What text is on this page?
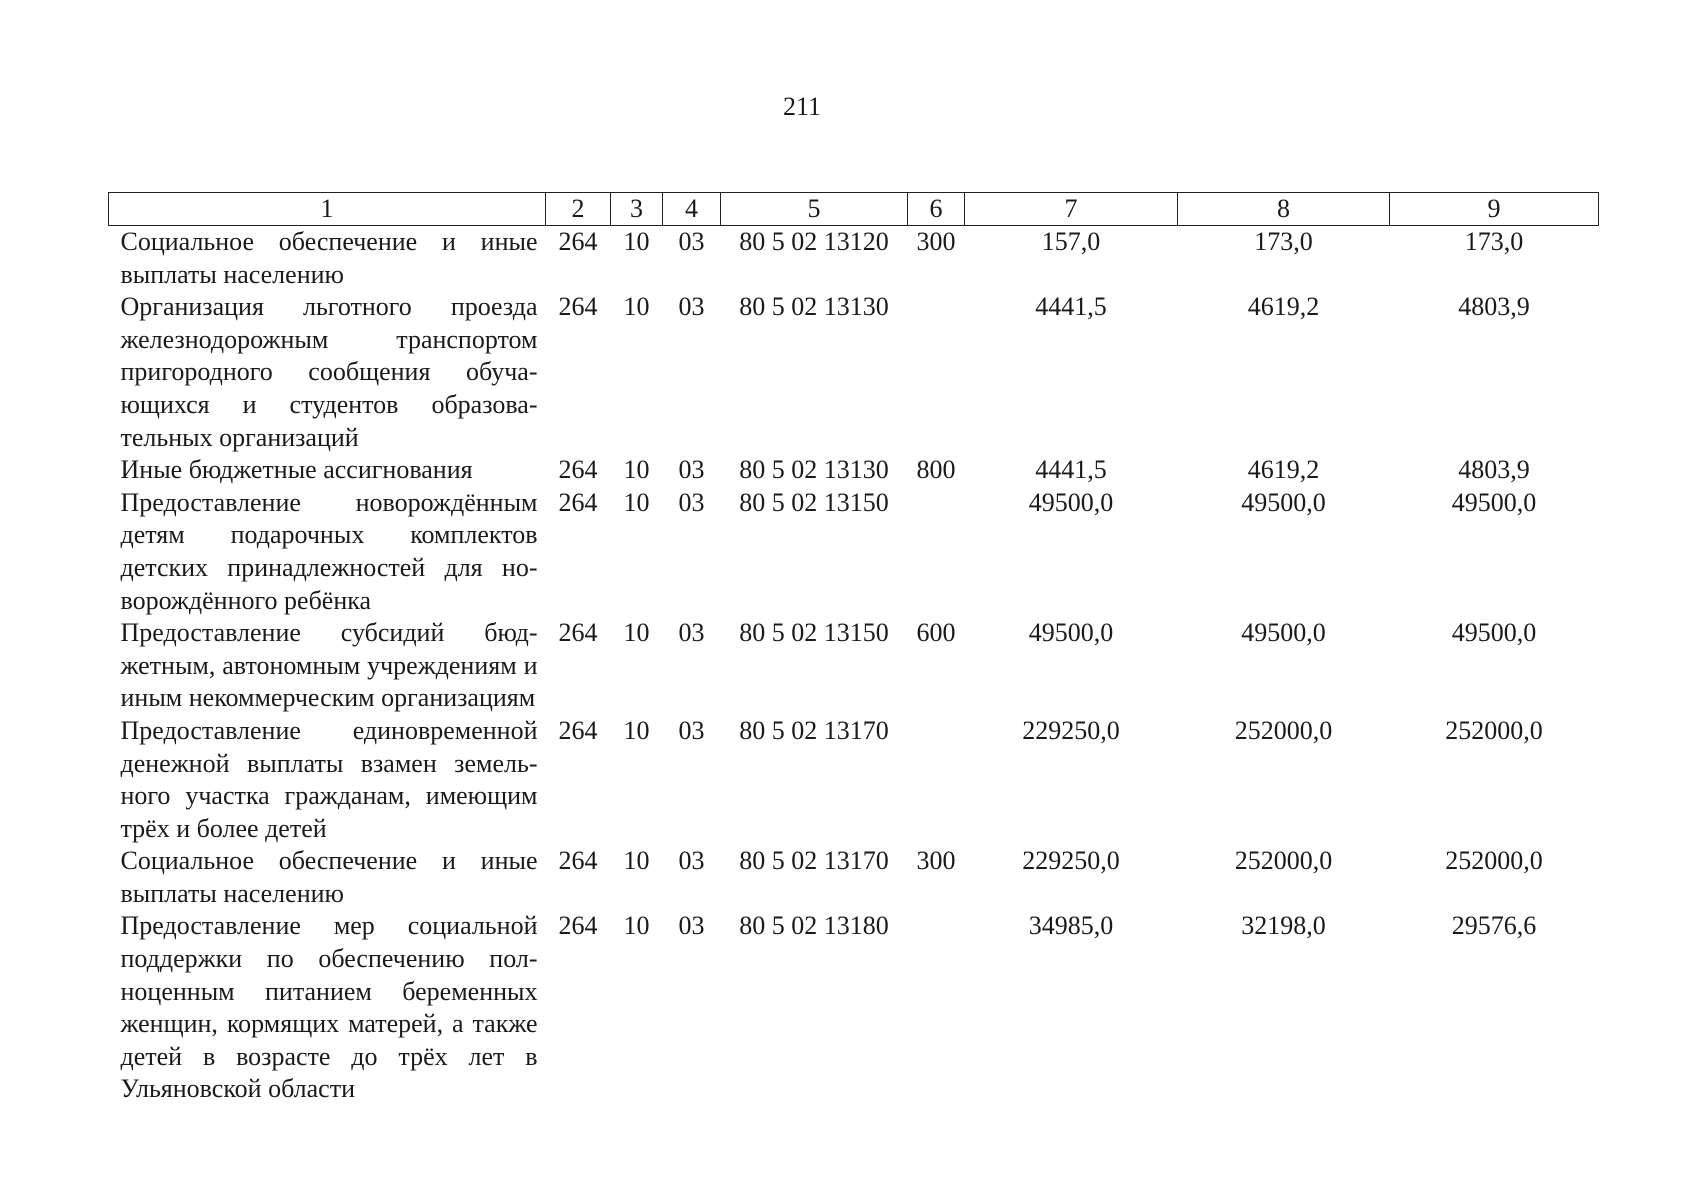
211
1	2	3	4	5	6	7	8	9
Социальное обеспечение и иные выплаты населению	264	10	03	80 5 02 13120	300	157,0	173,0	173,0
Организация льготного проезда железнодорожным транспортом пригородного сообщения обучающихся и студентов образовательных организаций	264	10	03	80 5 02 13130		4441,5	4619,2	4803,9
Иные бюджетные ассигнования	264	10	03	80 5 02 13130	800	4441,5	4619,2	4803,9
Предоставление новорождённым детям подарочных комплектов детских принадлежностей для новорождённого ребёнка	264	10	03	80 5 02 13150		49500,0	49500,0	49500,0
Предоставление субсидий бюджетным, автономным учреждениям и иным некоммерческим организациям	264	10	03	80 5 02 13150	600	49500,0	49500,0	49500,0
Предоставление единовременной денежной выплаты взамен земельного участка гражданам, имеющим трёх и более детей	264	10	03	80 5 02 13170		229250,0	252000,0	252000,0
Социальное обеспечение и иные выплаты населению	264	10	03	80 5 02 13170	300	229250,0	252000,0	252000,0
Предоставление мер социальной поддержки по обеспечению полноценным питанием беременных женщин, кормящих матерей, а также детей в возрасте до трёх лет в Ульяновской области	264	10	03	80 5 02 13180		34985,0	32198,0	29576,6
